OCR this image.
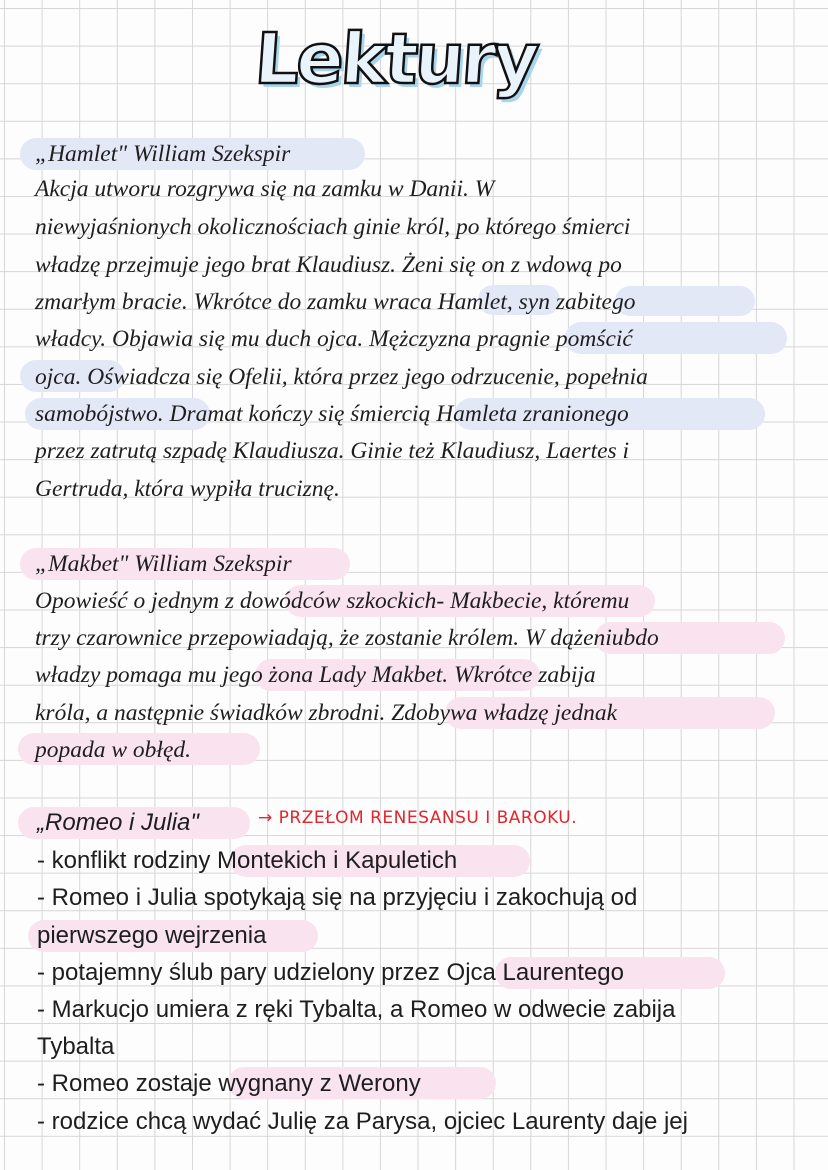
Lektury
„Hamlet" William Szekspir
Akcja utworu rozgrywa się na zamku w Danii. W
niewyjaśnionych okolicznościach ginie król, po którego śmierci
władzę przejmuje jego brat Klaudiusz. Żeni się on z wdową po
zmarłym bracie. Wkrótce do zamku wraca Hamlet, syn zabitego
władcy. Objawia się mu duch ojca. Mężczyzna pragnie pomścić
ojca. Oświadcza się Ofelii, która przez jego odrzucenie, popełnia
samobójstwo. Dramat kończy się śmiercią Hamleta zranionego
przez zatrutą szpadę Klaudiusza. Ginie też Klaudiusz, Laertes i
Gertruda, która wypiła truciznę.
„Makbet" William Szekspir
Opowieść o jednym z dowódców szkockich- Makbecie, któremu
trzy czarownice przepowiadają, że zostanie królem. W dążeniubdo
władzy pomaga mu jego żona Lady Makbet. Wkrótce zabija
króla, a następnie świadków zbrodni. Zdobywa władzę jednak
popada w obłęd.
„Romeo i Julia"	→ PRZEŁOM RENESANSU I BAROKU.
- konflikt rodziny Montekich i Kapuletich
- Romeo i Julia spotykają się na przyjęciu i zakochują od
pierwszego wejrzenia
- potajemny ślub pary udzielony przez Ojca Laurentego
- Markucjo umiera z ręki Tybalta, a Romeo w odwecie zabija
Tybalta
- Romeo zostaje wygnany z Werony
- rodzice chcą wydać Julię za Parysa, ojciec Laurenty daje jej
